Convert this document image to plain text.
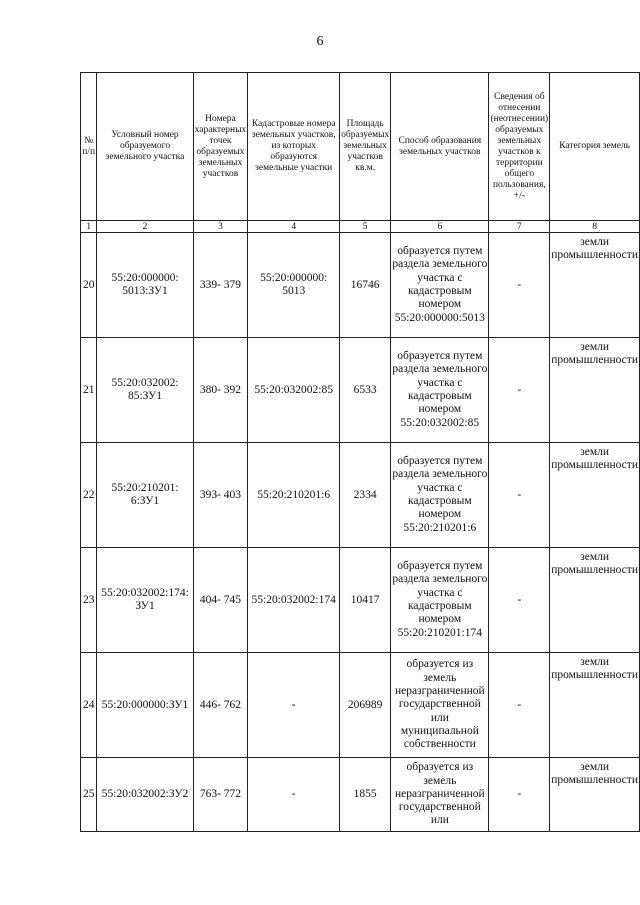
6
№ п/п	Условный номер образуемого земельного участка	Номера характерных точек образуемых земельных участков	Кадастровые номера земельных участков, из которых образуются земельные участки	Площадь образуемых земельных участков кв.м.	Способ образования земельных участков	Сведения об отнесении (неотнесении) образуемых земельных участков к территории общего пользования, +/-	Категория земель
1	2	3	4	5	6	7	8
20	55:20:000000: 5013:ЗУ1	339- 379	55:20:000000: 5013	16746	образуется путем раздела земельного участка с кадастровым номером 55:20:000000:5013	-	земли промышленности
21	55:20:032002: 85:ЗУ1	380- 392	55:20:032002:85	6533	образуется путем раздела земельного участка с кадастровым номером 55:20:032002:85	-	земли промышленности
22	55:20:210201: 6:ЗУ1	393- 403	55:20:210201:6	2334	образуется путем раздела земельного участка с кадастровым номером 55:20:210201:6	-	земли промышленности
23	55:20:032002:174: ЗУ1	404- 745	55:20:032002:174	10417	образуется путем раздела земельного участка с кадастровым номером 55:20:210201:174	-	земли промышленности
24	55:20:000000:ЗУ1	446- 762	-	206989	образуется из земель неразграниченной государственной или муниципальной собственности	-	земли промышленности
25	55:20:032002:ЗУ2	763- 772	-	1855	образуется из земель неразграниченной государственной или	-	земли промышленности
